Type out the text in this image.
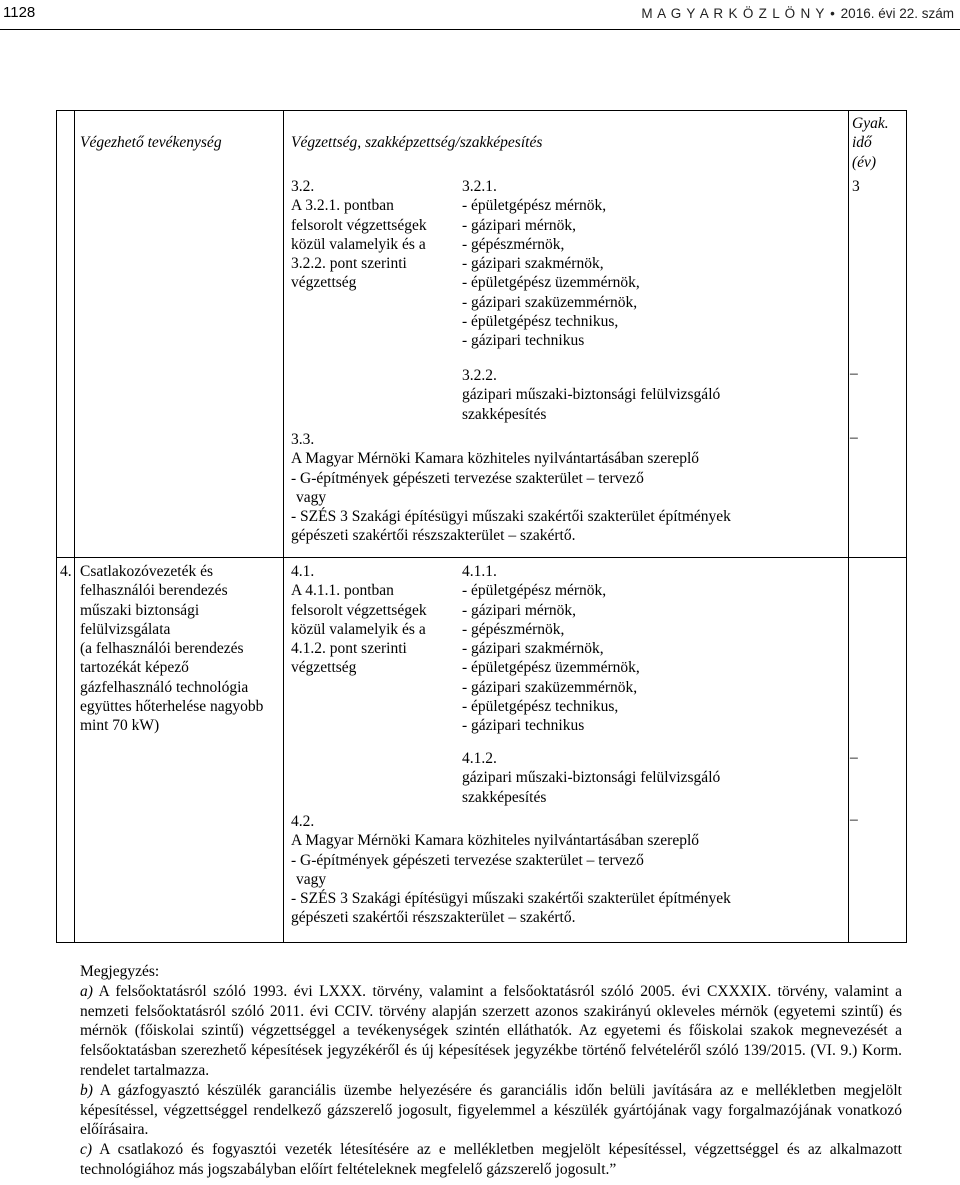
1128	M A G Y A R K Ö Z L Ö N Y • 2016. évi 22. szám
Végezhető tevékenység	Végzettség, szakképzettség/szakképesítés
Gyak.
idő
(év)
3.2.
A 3.2.1. pontban
felsorolt végzettségek
közül valamelyik és a
3.2.2. pont szerinti
végzettség
3.2.1.
- épületgépész mérnök,
- gázipari mérnök,
- gépészmérnök,
- gázipari szakmérnök,
- épületgépész üzemmérnök,
- gázipari szaküzemmérnök,
- épületgépész technikus,
- gázipari technikus
3
3.2.2.
gázipari műszaki-biztonsági felülvizsgáló
szakképesítés
–
3.3.
A Magyar Mérnöki Kamara közhiteles nyilvántartásában szereplő
- G-építmények gépészeti tervezése szakterület – tervező
vagy
- SZÉS 3 Szakági építésügyi műszaki szakértői szakterület építmények
gépészeti szakértői részszakterület – szakértő.
–
4. Csatlakozóvezeték és
felhasználói berendezés
műszaki biztonsági
felülvizsgálata
(a felhasználói berendezés
tartozékát képező
gázfelhasználó technológia
együttes hőterhelése nagyobb
mint 70 kW)
4.1.
A 4.1.1. pontban
felsorolt végzettségek
közül valamelyik és a
4.1.2. pont szerinti
végzettség
4.1.1.
- épületgépész mérnök,
- gázipari mérnök,
- gépészmérnök,
- gázipari szakmérnök,
- épületgépész üzemmérnök,
- gázipari szaküzemmérnök,
- épületgépész technikus,
- gázipari technikus
4.1.2.
gázipari műszaki-biztonsági felülvizsgáló
szakképesítés
–
4.2.
A Magyar Mérnöki Kamara közhiteles nyilvántartásában szereplő
- G-építmények gépészeti tervezése szakterület – tervező
vagy
- SZÉS 3 Szakági építésügyi műszaki szakértői szakterület építmények
gépészeti szakértői részszakterület – szakértő.
–

Megjegyzés:

a) A felsőoktatásról szóló 1993. évi LXXX. törvény, valamint a felsőoktatásról szóló 2005. évi CXXXIX. törvény, valamint a nemzeti felsőoktatásról szóló 2011. évi CCIV. törvény alapján szerzett azonos szakirányú okleveles mérnök (egyetemi szintű) és mérnök (főiskolai szintű) végzettséggel a tevékenységek szintén elláthatók. Az egyetemi és főiskolai szakok megnevezését a felsőoktatásban szerezhető képesítések jegyzékéről és új képesítések jegyzékbe történő felvételéről szóló 139/2015. (VI. 9.) Korm. rendelet tartalmazza.

b) A gázfogyasztó készülék garanciális üzembe helyezésére és garanciális időn belüli javítására az e mellékletben megjelölt képesítéssel, végzettséggel rendelkező gázszerelő jogosult, figyelemmel a készülék gyártójának vagy forgalmazójának vonatkozó előírásaira.

c) A csatlakozó és fogyasztói vezeték létesítésére az e mellékletben megjelölt képesítéssel, végzettséggel és az alkalmazott technológiához más jogszabályban előírt feltételeknek megfelelő gázszerelő jogosult.”
